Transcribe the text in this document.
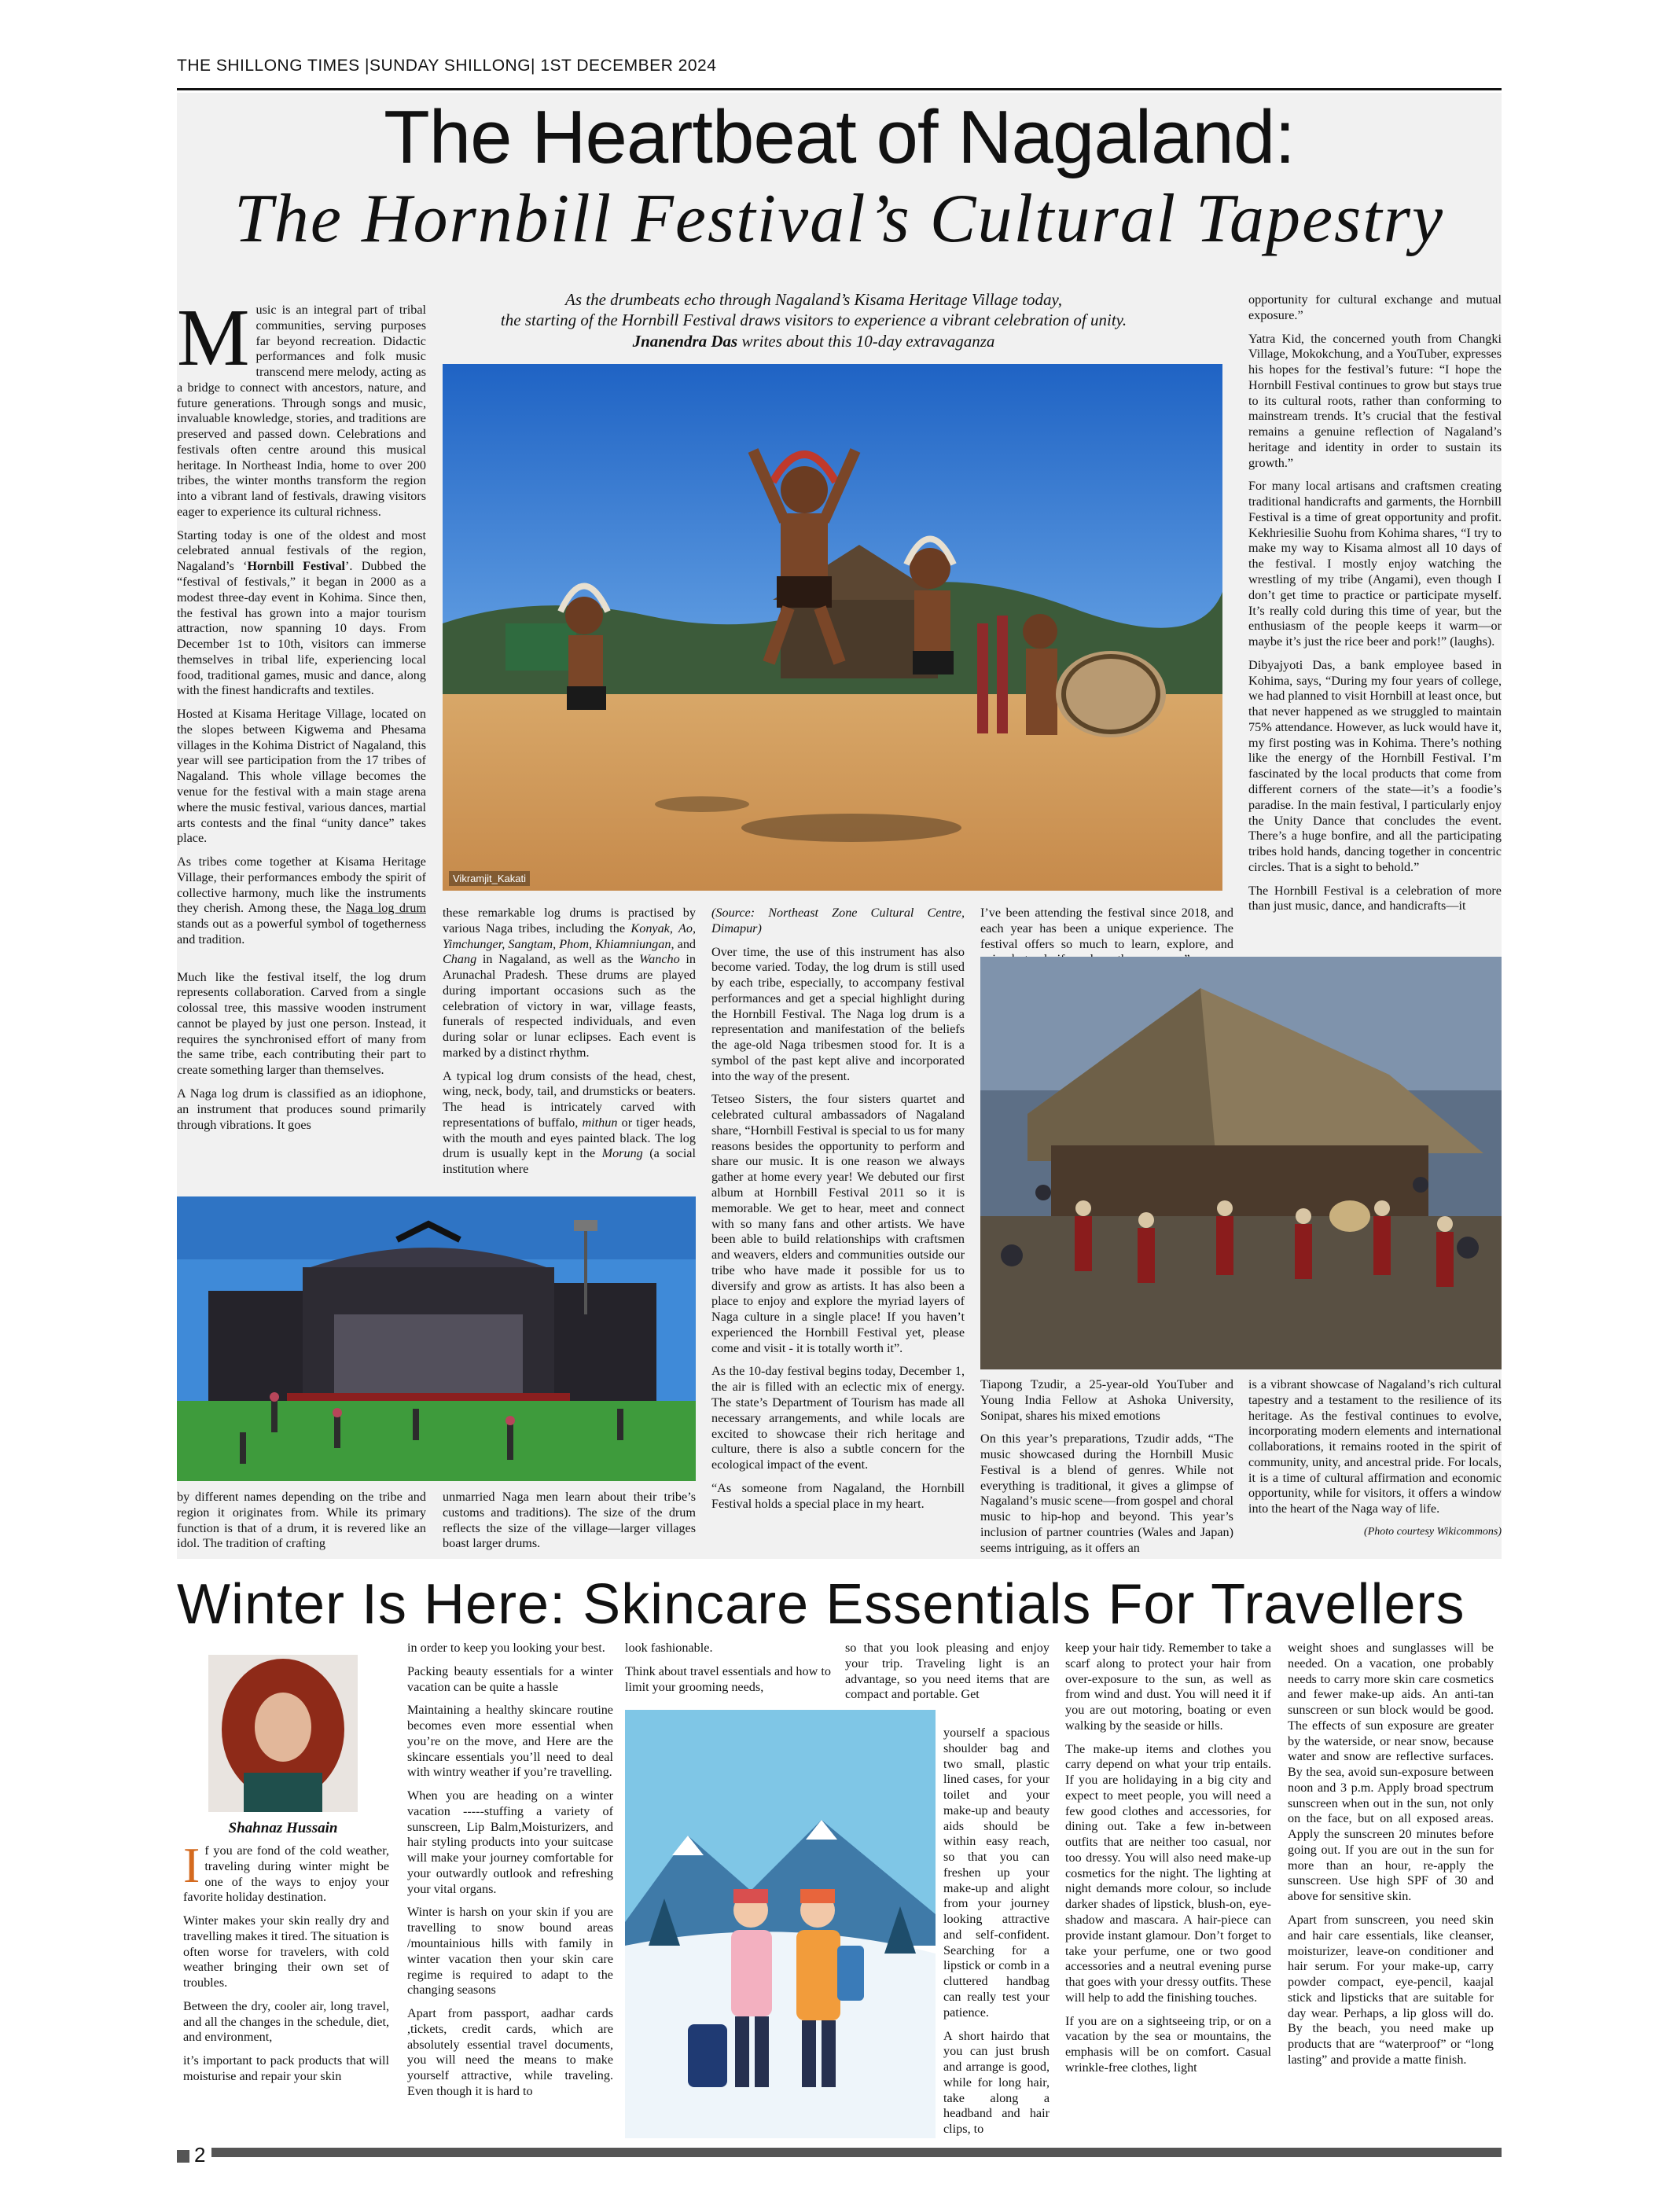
THE SHILLONG TIMES |SUNDAY SHILLONG| 1ST DECEMBER 2024
The Heartbeat of Nagaland:
The Hornbill Festival’s Cultural Tapestry
As the drumbeats echo through Nagaland’s Kisama Heritage Village today,
the starting of the Hornbill Festival draws visitors to experience a vibrant celebration of unity.
Jnanendra Das writes about this 10-day extravaganza

Music is an integral part of tribal communities, serving purposes far beyond recreation. Didactic performances and folk music transcend mere melody, acting as a bridge to connect with ancestors, nature, and future generations. Through songs and music, invaluable knowledge, stories, and traditions are preserved and passed down. Celebrations and festivals often centre around this musical heritage. In Northeast India, home to over 200 tribes, the winter months transform the region into a vibrant land of festivals, drawing visitors eager to experience its cultural richness.

Starting today is one of the oldest and most celebrated annual festivals of the region, Nagaland’s ‘Hornbill Festival’. Dubbed the “festival of festivals,” it began in 2000 as a modest three-day event in Kohima. Since then, the festival has grown into a major tourism attraction, now spanning 10 days. From December 1st to 10th, visitors can immerse themselves in tribal life, experiencing local food, traditional games, music and dance, along with the finest handicrafts and textiles.

Hosted at Kisama Heritage Village, located on the slopes between Kigwema and Phesama villages in the Kohima District of Nagaland, this year will see participation from the 17 tribes of Nagaland. This whole village becomes the venue for the festival with a main stage arena where the music festival, various dances, martial arts contests and the final “unity dance” takes place.

As tribes come together at Kisama Heritage Village, their performances embody the spirit of collective harmony, much like the instruments they cherish. Among these, the Naga log drum stands out as a powerful symbol of togetherness and tradition.

Much like the festival itself, the log drum represents collaboration. Carved from a single colossal tree, this massive wooden instrument cannot be played by just one person. Instead, it requires the synchronised effort of many from the same tribe, each contributing their part to create something larger than themselves.

A Naga log drum is classified as an idiophone, an instrument that produces sound primarily through vibrations. It goes

Vikramjit_Kakati

these remarkable log drums is practised by various Naga tribes, including the Konyak, Ao, Yimchunger, Sangtam, Phom, Khiamniungan, and Chang in Nagaland, as well as the Wancho in Arunachal Pradesh. These drums are played during important occasions such as the celebration of victory in war, village feasts, funerals of respected individuals, and even during solar or lunar eclipses. Each event is marked by a distinct rhythm.

A typical log drum consists of the head, chest, wing, neck, body, tail, and drumsticks or beaters. The head is intricately carved with representations of buffalo, mithun or tiger heads, with the mouth and eyes painted black. The log drum is usually kept in the Morung (a social institution where

(Source: Northeast Zone Cultural Centre, Dimapur)

Over time, the use of this instrument has also become varied. Today, the log drum is still used by each tribe, especially, to accompany festival performances and get a special highlight during the Hornbill Festival. The Naga log drum is a representation and manifestation of the beliefs the age-old Naga tribesmen stood for. It is a symbol of the past kept alive and incorporated into the way of the present.

Tetseo Sisters, the four sisters quartet and celebrated cultural ambassadors of Nagaland share, “Hornbill Festival is special to us for many reasons besides the opportunity to perform and share our music. It is one reason we always gather at home every year! We debuted our first album at Hornbill Festival 2011 so it is memorable. We get to hear, meet and connect with so many fans and other artists. We have been able to build relationships with craftsmen and weavers, elders and communities outside our tribe who have made it possible for us to diversify and grow as artists. It has also been a place to enjoy and explore the myriad layers of Naga culture in a single place! If you haven’t experienced the Hornbill Festival yet, please come and visit - it is totally worth it”.

As the 10-day festival begins today, December 1, the air is filled with an eclectic mix of energy. The state’s Department of Tourism has made all necessary arrangements, and while locals are excited to showcase their rich heritage and culture, there is also a subtle concern for the ecological impact of the event.

“As someone from Nagaland, the Hornbill Festival holds a special place in my heart.

I’ve been attending the festival since 2018, and each year has been a unique experience. The festival offers so much to learn, explore, and

Tiapong Tzudir, a 25-year-old YouTuber and Young India Fellow at Ashoka University, Sonipat, shares his mixed emotions

On this year’s preparations, Tzudir adds, “The music showcased during the Hornbill Music Festival is a blend of genres. While not everything is traditional, it gives a glimpse of Nagaland’s music scene—from gospel and choral music to hip-hop and beyond. This year’s inclusion of partner countries (Wales and Japan) seems intriguing, as it offers an

opportunity for cultural exchange and mutual exposure.”

Yatra Kid, the concerned youth from Changki Village, Mokokchung, and a YouTuber, expresses his hopes for the festival’s future: “I hope the Hornbill Festival continues to grow but stays true to its cultural roots, rather than conforming to mainstream trends. It’s crucial that the festival remains a genuine reflection of Nagaland’s heritage and identity in order to sustain its growth.”

For many local artisans and craftsmen creating traditional handicrafts and garments, the Hornbill Festival is a time of great opportunity and profit. Kekhriesilie Suohu from Kohima shares, “I try to make my way to Kisama almost all 10 days of the festival. I mostly enjoy watching the wrestling of my tribe (Angami), even though I don’t get time to practice or participate myself. It’s really cold during this time of year, but the enthusiasm of the people keeps it warm—or maybe it’s just the rice beer and pork!” (laughs).

Dibyajyoti Das, a bank employee based in Kohima, says, “During my four years of college, we had planned to visit Hornbill at least once, but that never happened as we struggled to maintain 75% attendance. However, as luck would have it, my first posting was in Kohima. There’s nothing like the energy of the Hornbill Festival. I’m fascinated by the local products that come from different corners of the state—it’s a foodie’s paradise. In the main festival, I particularly enjoy the Unity Dance that concludes the event. There’s a huge bonfire, and all the participating tribes hold hands, dancing together in concentric circles. That is a sight to behold.”

The Hornbill Festival is a celebration of more than just music, dance, and handicrafts—it

is a vibrant showcase of Nagaland’s rich cultural tapestry and a testament to the resilience of its heritage. As the festival continues to evolve, incorporating modern elements and international collaborations, it remains rooted in the spirit of community, unity, and ancestral pride. For locals, it is a time of cultural affirmation and economic opportunity, while for visitors, it offers a window into the heart of the Naga way of life.

(Photo courtesy Wikicommons)

by different names depending on the tribe and region it originates from. While its primary function is that of a drum, it is revered like an idol. The tradition of crafting

unmarried Naga men learn about their tribe’s customs and traditions). The size of the drum reflects the size of the village—larger villages boast larger drums.

Winter Is Here: Skincare Essentials For Travellers
Shahnaz Hussain

If you are fond of the cold weather, traveling during winter might be one of the ways to enjoy your favorite holiday destination.

Winter makes your skin really dry and travelling makes it tired. The situation is often worse for travelers, with cold weather bringing their own set of troubles.

Between the dry, cooler air, long travel, and all the changes in the schedule, diet, and environment,

it’s important to pack products that will moisturise and repair your skin

in order to keep you looking your best.

Packing beauty essentials for a winter vacation can be quite a hassle

Maintaining a healthy skincare routine becomes even more essential when you’re on the move, and Here are the skincare essentials you’ll need to deal with wintry weather if you’re travelling.

When you are heading on a winter vacation -----stuffing a variety of sunscreen, Lip Balm,Moisturizers, and hair styling products into your suitcase will make your journey comfortable for your outwardly outlook and refreshing your vital organs.

Winter is harsh on your skin if you are travelling to snow bound areas /mountainious hills with family in winter vacation then your skin care regime is required to adapt to the changing seasons

Apart from passport, aadhar cards ,tickets, credit cards, which are absolutely essential travel documents, you will need the means to make yourself attractive, while traveling. Even though it is hard to

look fashionable.

Think about travel essentials and how to limit your grooming needs,

so that you look pleasing and enjoy your trip. Traveling light is an advantage, so you need items that are compact and portable. Get

yourself a spacious shoulder bag and two small, plastic lined cases, for your toilet and your make-up and beauty aids should be within easy reach, so that you can freshen up your make-up and alight from your journey looking attractive and self-confident. Searching for a lipstick or comb in a cluttered handbag can really test your patience.

A short hairdo that you can just brush and arrange is good, while for long hair, take along a headband and hair clips, to

keep your hair tidy. Remember to take a scarf along to protect your hair from over-exposure to the sun, as well as from wind and dust. You will need it if you are out motoring, boating or even walking by the seaside or hills.

The make-up items and clothes you carry depend on what your trip entails. If you are holidaying in a big city and expect to meet people, you will need a few good clothes and accessories, for dining out. Take a few in-between outfits that are neither too casual, nor too dressy. You will also need make-up cosmetics for the night. The lighting at night demands more colour, so include darker shades of lipstick, blush-on, eye-shadow and mascara. A hair-piece can provide instant glamour. Don’t forget to take your perfume, one or two good accessories and a neutral evening purse that goes with your dressy outfits. These will help to add the finishing touches.

If you are on a sightseeing trip, or on a vacation by the sea or mountains, the emphasis will be on comfort. Casual wrinkle-free clothes, light

weight shoes and sunglasses will be needed. On a vacation, one probably needs to carry more skin care cosmetics and fewer make-up aids. An anti-tan sunscreen or sun block would be good. The effects of sun exposure are greater by the waterside, or near snow, because water and snow are reflective surfaces. By the sea, avoid sun-exposure between noon and 3 p.m. Apply broad spectrum sunscreen when out in the sun, not only on the face, but on all exposed areas. Apply the sunscreen 20 minutes before going out. If you are out in the sun for more than an hour, re-apply the sunscreen. Use high SPF of 30 and above for sensitive skin.

Apart from sunscreen, you need skin and hair care essentials, like cleanser, moisturizer, leave-on conditioner and hair serum. For your make-up, carry powder compact, eye-pencil, kaajal stick and lipsticks that are suitable for day wear. Perhaps, a lip gloss will do. By the beach, you need make up products that are “waterproof” or “long lasting” and provide a matte finish.

2
